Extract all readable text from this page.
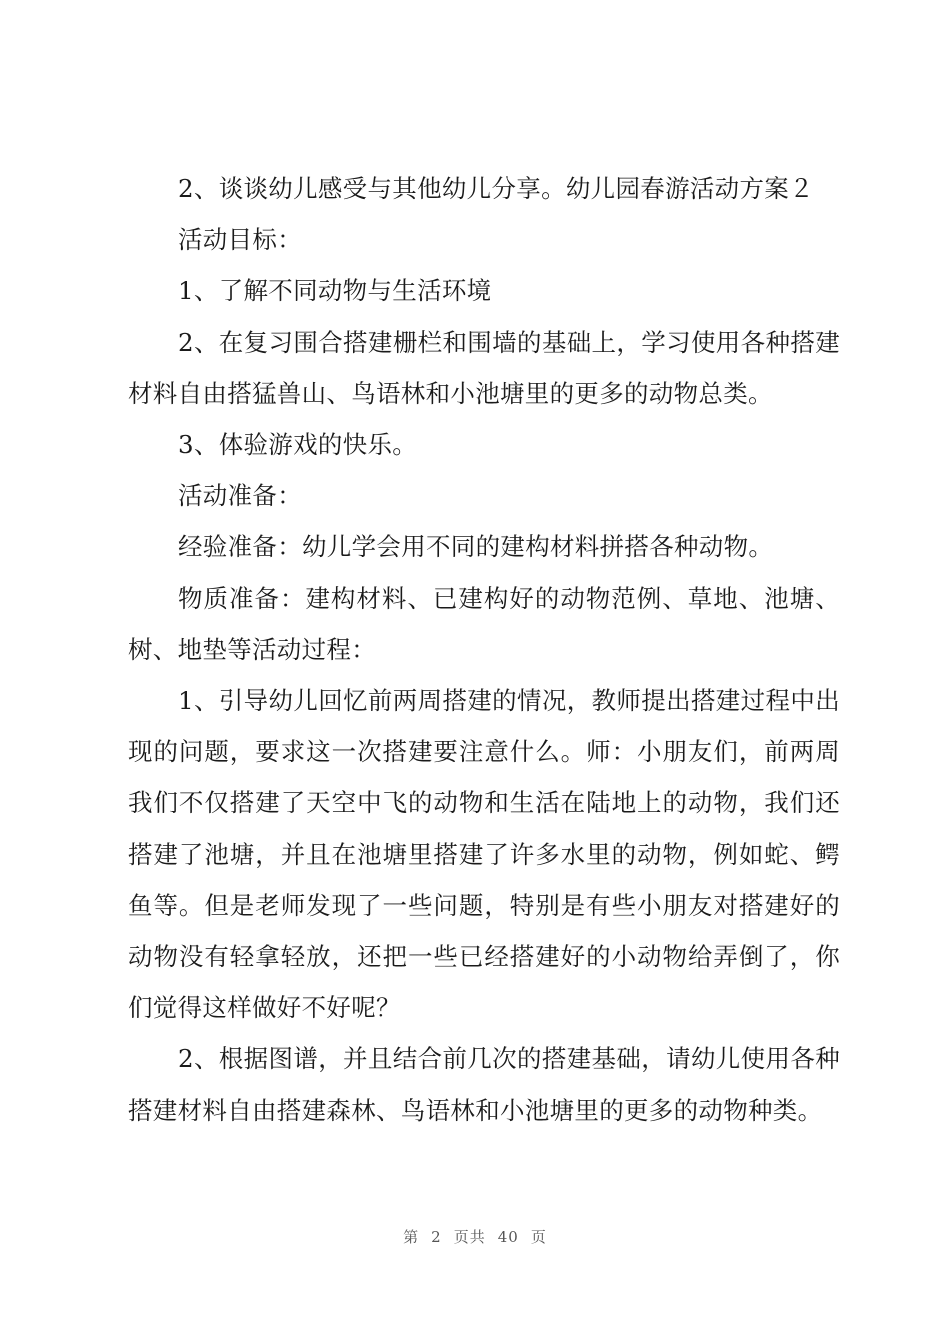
2、谈谈幼儿感受与其他幼儿分享。幼儿园春游活动方案２

活动目标：

1、了解不同动物与生活环境

2、在复习围合搭建栅栏和围墙的基础上，学习使用各种搭建材料自由搭猛兽山、鸟语林和小池塘里的更多的动物总类。

3、体验游戏的快乐。

活动准备：

经验准备：幼儿学会用不同的建构材料拼搭各种动物。

物质准备：建构材料、已建构好的动物范例、草地、池塘、树、地垫等活动过程：

1、引导幼儿回忆前两周搭建的情况，教师提出搭建过程中出现的问题，要求这一次搭建要注意什么。师：小朋友们，前两周我们不仅搭建了天空中飞的动物和生活在陆地上的动物，我们还搭建了池塘，并且在池塘里搭建了许多水里的动物，例如蛇、鳄鱼等。但是老师发现了一些问题，特别是有些小朋友对搭建好的动物没有轻拿轻放，还把一些已经搭建好的小动物给弄倒了，你们觉得这样做好不好呢？

2、根据图谱，并且结合前几次的搭建基础，请幼儿使用各种搭建材料自由搭建森林、鸟语林和小池塘里的更多的动物种类。

第 2 页共 40 页
